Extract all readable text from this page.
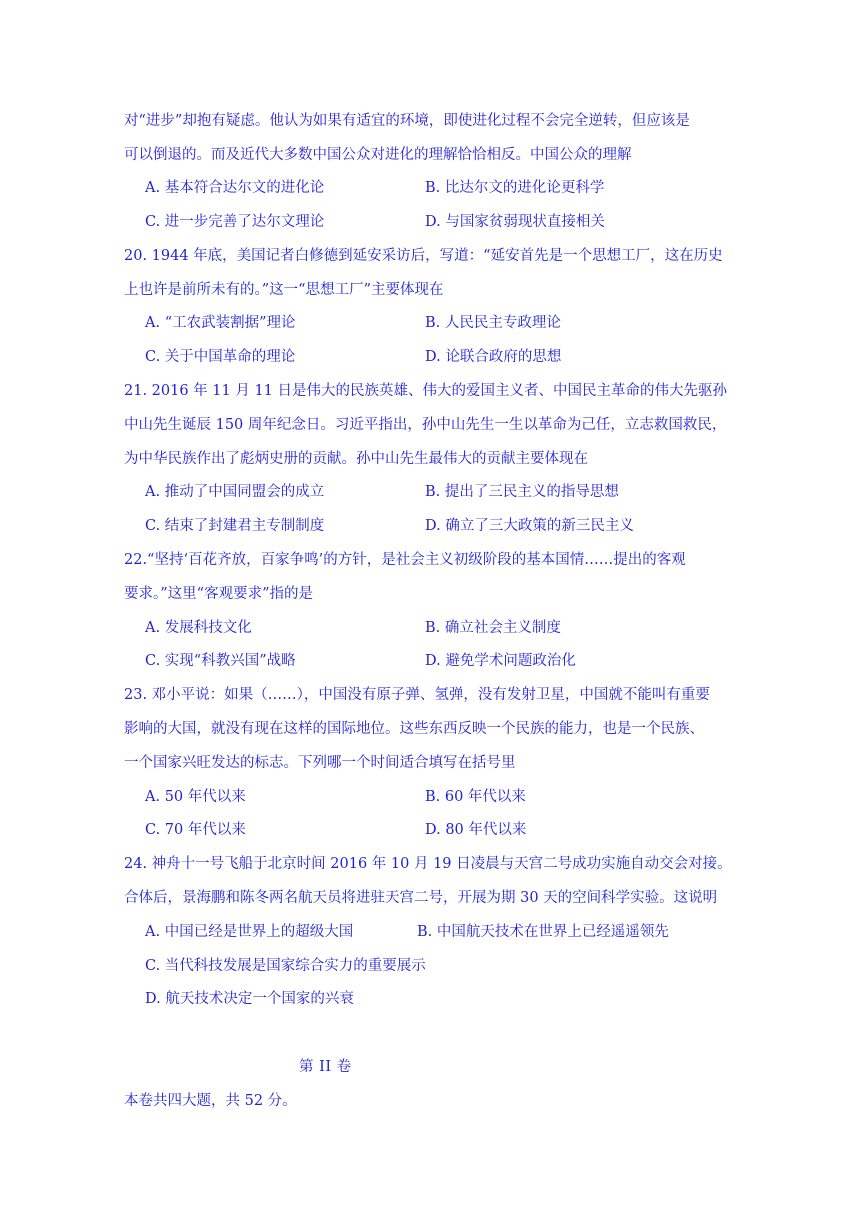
对“进步”却抱有疑虑。他认为如果有适宜的环境，即使进化过程不会完全逆转，但应该是
可以倒退的。而及近代大多数中国公众对进化的理解恰恰相反。中国公众的理解
A. 基本符合达尔文的进化论	B. 比达尔文的进化论更科学
C. 进一步完善了达尔文理论	D. 与国家贫弱现状直接相关
20. 1944 年底，美国记者白修德到延安采访后，写道：“延安首先是一个思想工厂，这在历史
上也许是前所未有的。”这一“思想工厂”主要体现在
A. “工农武装割据”理论	B. 人民民主专政理论
C. 关于中国革命的理论	D. 论联合政府的思想
21. 2016 年 11 月 11 日是伟大的民族英雄、伟大的爱国主义者、中国民主革命的伟大先驱孙
中山先生诞辰 150 周年纪念日。习近平指出，孙中山先生一生以革命为己任，立志救国救民，
为中华民族作出了彪炳史册的贡献。孙中山先生最伟大的贡献主要体现在
A. 推动了中国同盟会的成立	B. 提出了三民主义的指导思想
C. 结束了封建君主专制制度	D. 确立了三大政策的新三民主义
22.“坚持‘百花齐放，百家争鸣’的方针，是社会主义初级阶段的基本国情……提出的客观
要求。”这里“客观要求”指的是
A. 发展科技文化	B. 确立社会主义制度
C. 实现“科教兴国”战略	D. 避免学术问题政治化
23. 邓小平说：如果（……），中国没有原子弹、氢弹，没有发射卫星，中国就不能叫有重要
影响的大国，就没有现在这样的国际地位。这些东西反映一个民族的能力，也是一个民族、
一个国家兴旺发达的标志。下列哪一个时间适合填写在括号里
A. 50 年代以来	B. 60 年代以来
C. 70 年代以来	D. 80 年代以来
24. 神舟十一号飞船于北京时间 2016 年 10 月 19 日凌晨与天宫二号成功实施自动交会对接。
合体后，景海鹏和陈冬两名航天员将进驻天宫二号，开展为期 30 天的空间科学实验。这说明
A. 中国已经是世界上的超级大国	B. 中国航天技术在世界上已经遥遥领先
C. 当代科技发展是国家综合实力的重要展示
D. 航天技术决定一个国家的兴衰
第 II 卷
本卷共四大题，共 52 分。
